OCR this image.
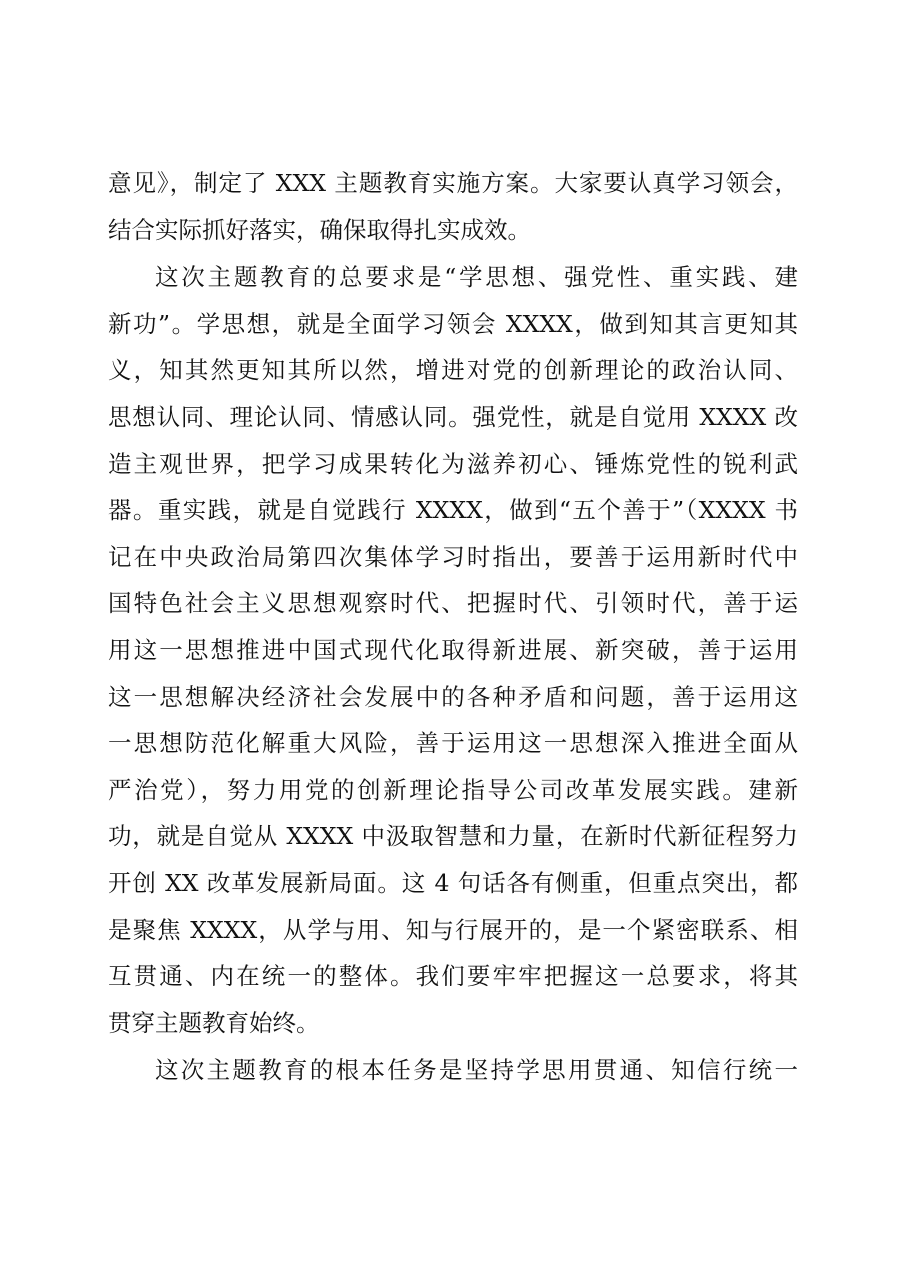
意见》，制定了 XXX 主题教育实施方案。大家要认真学习领会，
结合实际抓好落实，确保取得扎实成效。
这次主题教育的总要求是“学思想、强党性、重实践、建
新功”。学思想，就是全面学习领会 XXXX，做到知其言更知其
义，知其然更知其所以然，增进对党的创新理论的政治认同、
思想认同、理论认同、情感认同。强党性，就是自觉用 XXXX 改
造主观世界，把学习成果转化为滋养初心、锤炼党性的锐利武
器。重实践，就是自觉践行 XXXX，做到“五个善于”（XXXX 书
记在中央政治局第四次集体学习时指出，要善于运用新时代中
国特色社会主义思想观察时代、把握时代、引领时代，善于运
用这一思想推进中国式现代化取得新进展、新突破，善于运用
这一思想解决经济社会发展中的各种矛盾和问题，善于运用这
一思想防范化解重大风险，善于运用这一思想深入推进全面从
严治党），努力用党的创新理论指导公司改革发展实践。建新
功，就是自觉从 XXXX 中汲取智慧和力量，在新时代新征程努力
开创 XX 改革发展新局面。这 4 句话各有侧重，但重点突出，都
是聚焦 XXXX，从学与用、知与行展开的，是一个紧密联系、相
互贯通、内在统一的整体。我们要牢牢把握这一总要求，将其
贯穿主题教育始终。
这次主题教育的根本任务是坚持学思用贯通、知信行统一
